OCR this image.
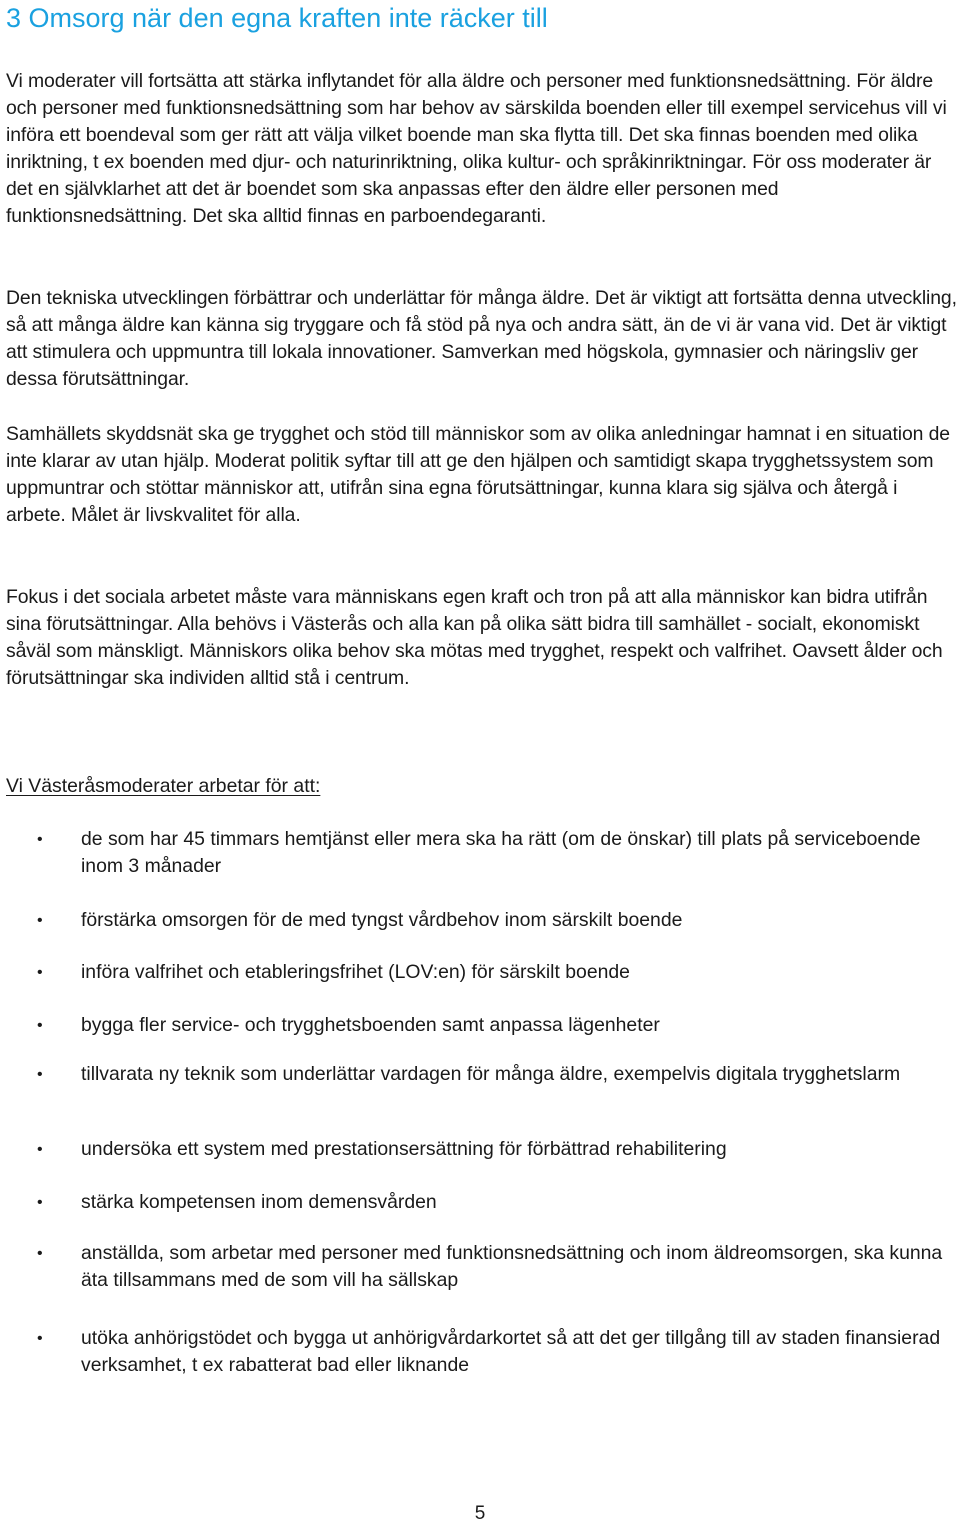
3 Omsorg när den egna kraften inte räcker till

Vi moderater vill fortsätta att stärka inflytandet för alla äldre och personer med funktionsnedsättning. För äldre och personer med funktionsnedsättning som har behov av särskilda boenden eller till exempel servicehus vill vi införa ett boendeval som ger rätt att välja vilket boende man ska flytta till. Det ska finnas boenden med olika inriktning, t ex boenden med djur- och naturinriktning, olika kultur- och språkinriktningar. För oss moderater är det en självklarhet att det är boendet som ska anpassas efter den äldre eller personen med funktionsnedsättning. Det ska alltid finnas en parboendegaranti.

Den tekniska utvecklingen förbättrar och underlättar för många äldre. Det är viktigt att fortsätta denna utveckling, så att många äldre kan känna sig tryggare och få stöd på nya och andra sätt, än de vi är vana vid. Det är viktigt att stimulera och uppmuntra till lokala innovationer. Samverkan med högskola, gymnasier och näringsliv ger dessa förutsättningar.

Samhällets skyddsnät ska ge trygghet och stöd till människor som av olika anledningar hamnat i en situation de inte klarar av utan hjälp. Moderat politik syftar till att ge den hjälpen och samtidigt skapa trygghetssystem som uppmuntrar och stöttar människor att, utifrån sina egna förutsättningar, kunna klara sig själva och återgå i arbete. Målet är livskvalitet för alla.

Fokus i det sociala arbetet måste vara människans egen kraft och tron på att alla människor kan bidra utifrån sina förutsättningar. Alla behövs i Västerås och alla kan på olika sätt bidra till samhället - socialt, ekonomiskt såväl som mänskligt. Människors olika behov ska mötas med trygghet, respekt och valfrihet. Oavsett ålder och förutsättningar ska individen alltid stå i centrum.

Vi Västeråsmoderater arbetar för att:

• de som har 45 timmars hemtjänst eller mera ska ha rätt (om de önskar) till plats på serviceboende inom 3 månader
• förstärka omsorgen för de med tyngst vårdbehov inom särskilt boende
• införa valfrihet och etableringsfrihet (LOV:en) för särskilt boende
• bygga fler service- och trygghetsboenden samt anpassa lägenheter
• tillvarata ny teknik som underlättar vardagen för många äldre, exempelvis digitala trygghetslarm
• undersöka ett system med prestationsersättning för förbättrad rehabilitering
• stärka kompetensen inom demensvården
• anställda, som arbetar med personer med funktionsnedsättning och inom äldreomsorgen, ska kunna äta tillsammans med de som vill ha sällskap
• utöka anhörigstödet och bygga ut anhörigvårdarkortet så att det ger tillgång till av staden finansierad verksamhet, t ex rabatterat bad eller liknande
5
